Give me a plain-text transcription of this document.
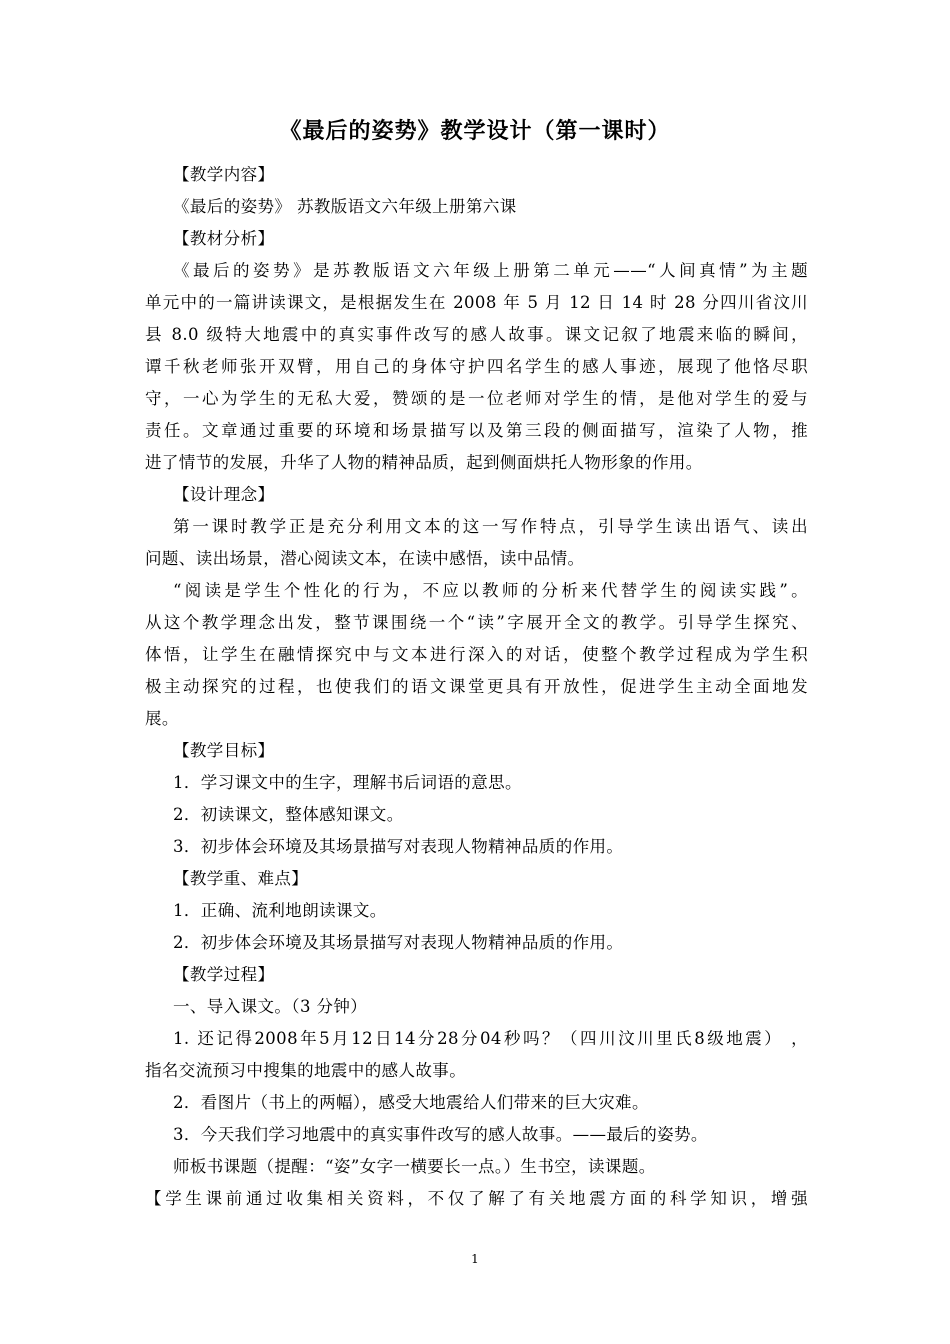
《最后的姿势》教学设计（第一课时）
【教学内容】
《最后的姿势》 苏教版语文六年级上册第六课
【教材分析】
《最后的姿势》是苏教版语文六年级上册第二单元——“人间真情”为主题
单元中的一篇讲读课文，是根据发生在 2008 年 5 月 12 日 14 时 28 分四川省汶川
县 8.0 级特大地震中的真实事件改写的感人故事。课文记叙了地震来临的瞬间，
谭千秋老师张开双臂，用自己的身体守护四名学生的感人事迹，展现了他恪尽职
守，一心为学生的无私大爱，赞颂的是一位老师对学生的情，是他对学生的爱与
责任。文章通过重要的环境和场景描写以及第三段的侧面描写，渲染了人物，推
进了情节的发展，升华了人物的精神品质，起到侧面烘托人物形象的作用。
【设计理念】
第一课时教学正是充分利用文本的这一写作特点，引导学生读出语气、读出
问题、读出场景，潜心阅读文本，在读中感悟，读中品情。
“阅读是学生个性化的行为，不应以教师的分析来代替学生的阅读实践”。
从这个教学理念出发，整节课围绕一个“读”字展开全文的教学。引导学生探究、
体悟，让学生在融情探究中与文本进行深入的对话，使整个教学过程成为学生积
极主动探究的过程，也使我们的语文课堂更具有开放性，促进学生主动全面地发
展。
【教学目标】
1．学习课文中的生字，理解书后词语的意思。
2．初读课文，整体感知课文。
3．初步体会环境及其场景描写对表现人物精神品质的作用。
【教学重、难点】
1．正确、流利地朗读课文。
2．初步体会环境及其场景描写对表现人物精神品质的作用。
【教学过程】
一、导入课文。（3 分钟）
1. 还记得2008年5月12日14分28分04秒吗？（四川汶川里氏8级地震） ，
指名交流预习中搜集的地震中的感人故事。
2．看图片（书上的两幅），感受大地震给人们带来的巨大灾难。
3．今天我们学习地震中的真实事件改写的感人故事。——最后的姿势。
师板书课题（提醒：“姿”女字一横要长一点。）生书空，读课题。
【学生课前通过收集相关资料，不仅了解了有关地震方面的科学知识，增强
1
